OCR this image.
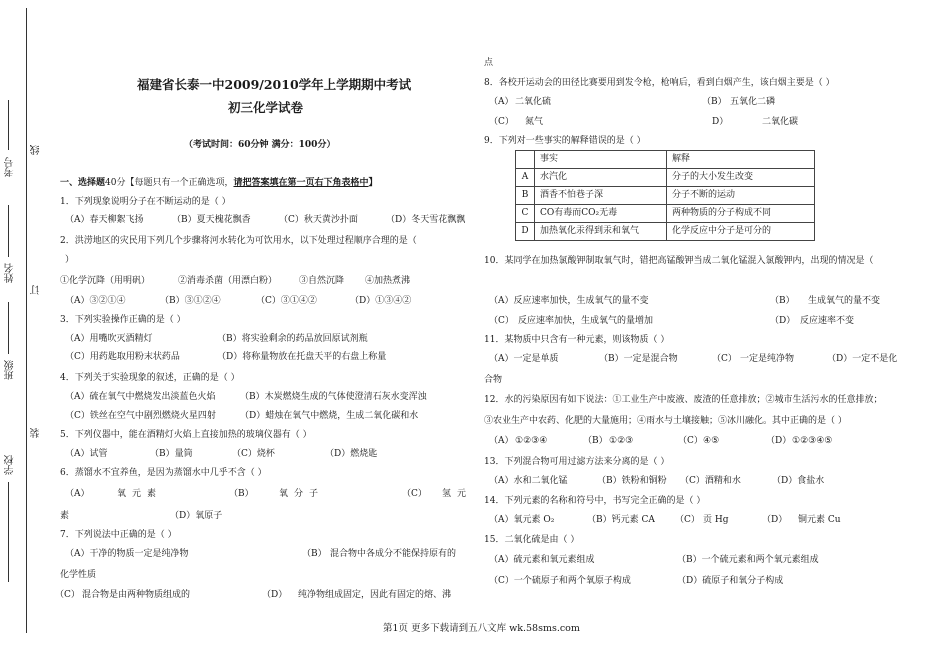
考号
线
姓名
订
班级
装
学校
福建省长泰一中2009/2010学年上学期期中考试
初三化学试卷
（考试时间：60分钟 满分：100分）
一、选择题40分【每题只有一个正确选项，请把答案填在第一页右下角表格中】
1．下列现象说明分子在不断运动的是（ ）
（A）春天柳絮飞扬	（B）夏天槐花飘香	（C）秋天黄沙扑面	（D）冬天雪花飘飘
2．洪涝地区的灾民用下列几个步骤将河水转化为可饮用水，以下处理过程顺序合理的是（
）
①化学沉降（用明矾）	②消毒杀菌（用漂白粉） ③自然沉降 ④加热煮沸
（A）③②①④	（B）③①②④	（C）③①④②	（D）①③④②
3．下列实验操作正确的是（ ）
（A）用嘴吹灭酒精灯	（B）将实验剩余的药品放回原试剂瓶
（C）用药匙取用粉末状药品	（D）将称量物放在托盘天平的右盘上称量
4．下列关于实验现象的叙述，正确的是（ ）
（A）硫在氧气中燃烧发出淡蓝色火焰	（B）木炭燃烧生成的气体使澄清石灰水变浑浊
（C）铁丝在空气中剧烈燃烧火星四射	（D）蜡烛在氧气中燃烧，生成二氧化碳和水
5．下列仪器中，能在酒精灯火焰上直接加热的玻璃仪器有（ ）
（A）试管	（B）量筒	（C）烧杯	（D）燃烧匙
6．蒸馏水不宜养鱼，是因为蒸馏水中几乎不含（ ）
（A）	氧元素	（B）	氧分子	（C） 氢元
素	（D）氧原子
7．下列说法中正确的是（ ）
（A）干净的物质一定是纯净物	（B） 混合物中各成分不能保持原有的
化学性质
（C） 混合物是由两种物质组成的	（D） 纯净物组成固定，因此有固定的熔、沸
点
8．各校开运动会的田径比赛要用到发令枪，枪响后，看到白烟产生，该白烟主要是（ ）
（A） 二氧化硫	（B） 五氧化二磷
（C） 氮气	D）	二氧化碳
9．下列对一些事实的解释错误的是（ ）
	事实	解释
A	水汽化	分子的大小发生改变
B	酒香不怕巷子深	分子不断的运动
C	CO有毒而CO₂无毒	两种物质的分子构成不同
D	加热氧化汞得到汞和氧气	化学反应中分子是可分的
10．某同学在加热氯酸钾制取氧气时，错把高锰酸钾当成二氧化锰混入氯酸钾内，出现的情况是（
（A）反应速率加快，生成氧气的量不变	（B） 生成氧气的量不变
（C） 反应速率加快，生成氧气的量增加	（D） 反应速率不变
11．某物质中只含有一种元素，则该物质（ ）
（A）一定是单质	（B）一定是混合物	（C） 一定是纯净物	（D）一定不是化
合物
12．水的污染原因有如下说法：①工业生产中废液、废渣的任意排放；②城市生活污水的任意排放；
③农业生产中农药、化肥的大量施用；④雨水与土壤接触；⑤冰川融化。其中正确的是（ ）
（A） ①②③④	（B） ①②③	（C） ④⑤	（D） ①②③④⑤
13．下列混合物可用过滤方法来分离的是（ ）
（A）水和二氧化锰	（B）铁粉和铜粉 （C）酒精和水	（D）食盐水
14．下列元素的名称和符号中，书写完全正确的是（ ）
（A）氧元素 O₂	（B）钙元素 CA （C） 贡 Hg	（D） 铜元素 Cu
15．二氧化硫是由（ ）
（A）硫元素和氧元素组成	（B）一个硫元素和两个氧元素组成
（C）一个硫原子和两个氧原子构成	（D）硫原子和氧分子构成
第1页 更多下载请到五八文库 wk.58sms.com
